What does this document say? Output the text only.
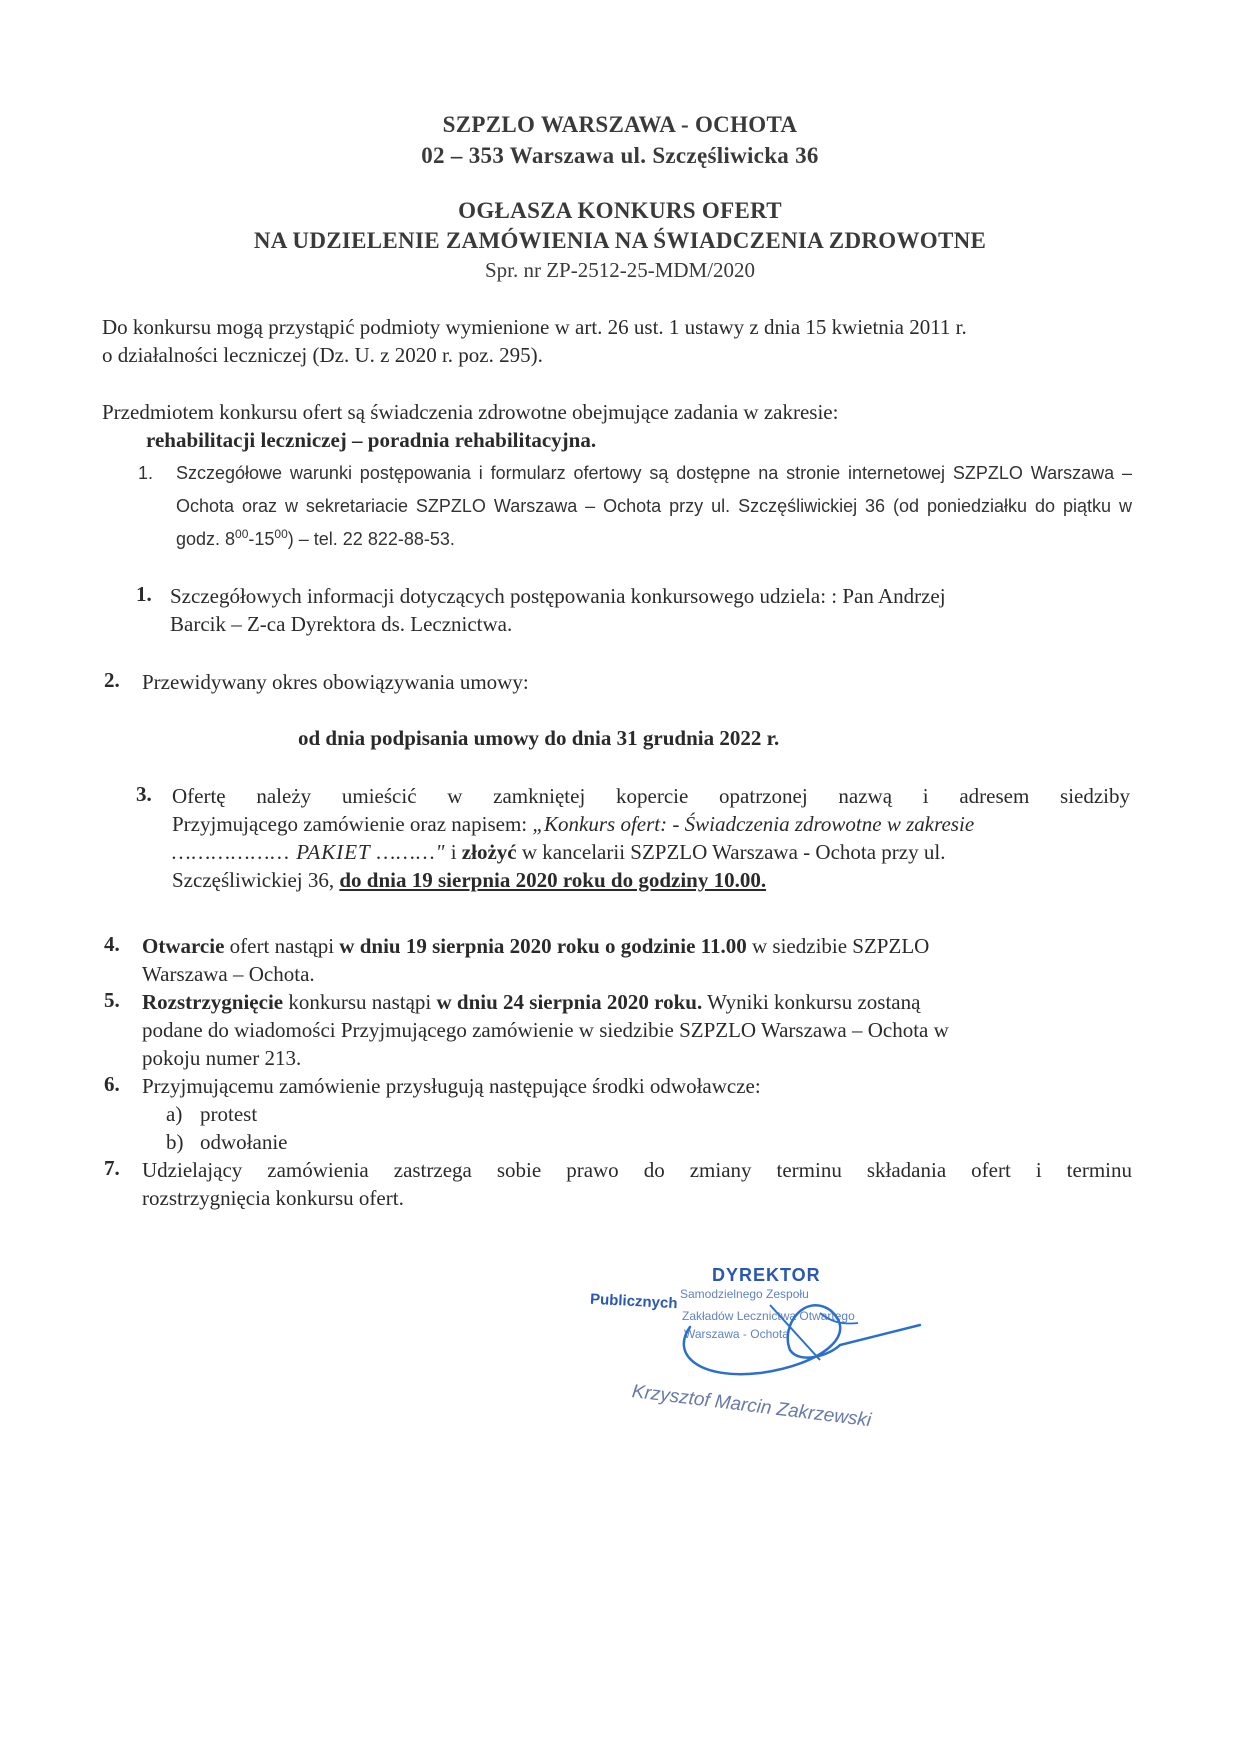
SZPZLO WARSZAWA - OCHOTA
02 – 353 Warszawa ul. Szczęśliwicka 36
OGŁASZA KONKURS OFERT
NA UDZIELENIE ZAMÓWIENIA NA ŚWIADCZENIA ZDROWOTNE
Spr. nr ZP-2512-25-MDM/2020
Do konkursu mogą przystąpić podmioty wymienione w art. 26 ust. 1 ustawy z dnia 15 kwietnia 2011 r.
o działalności leczniczej (Dz. U. z 2020 r. poz. 295).
Przedmiotem konkursu ofert są świadczenia zdrowotne obejmujące zadania w zakresie:
rehabilitacji leczniczej – poradnia rehabilitacyjna.
1. Szczegółowe warunki postępowania i formularz ofertowy są dostępne na stronie internetowej SZPZLO Warszawa – Ochota oraz w sekretariacie SZPZLO Warszawa – Ochota przy ul. Szczęśliwickiej 36 (od poniedziałku do piątku w godz. $8^{00}-15^{00}$) – tel. 22 822-88-53.
1. Szczegółowych informacji dotyczących postępowania konkursowego udziela: : Pan Andrzej
Barcik – Z-ca Dyrektora ds. Lecznictwa.
2. Przewidywany okres obowiązywania umowy:
od dnia podpisania umowy do dnia 31 grudnia 2022 r.
3. Ofertę należy umieścić w zamkniętej kopercie opatrzonej nazwą i adresem siedziby
Przyjmującego zamówienie oraz napisem: „Konkurs ofert: - Świadczenia zdrowotne w zakresie
……………… PAKIET ………" i złożyć w kancelarii SZPZLO Warszawa - Ochota przy ul.
Szczęśliwickiej 36, do dnia 19 sierpnia 2020 roku do godziny 10.00.
4. Otwarcie ofert nastąpi w dniu 19 sierpnia 2020 roku o godzinie 11.00 w siedzibie SZPZLO
Warszawa – Ochota.
5. Rozstrzygnięcie konkursu nastąpi w dniu 24 sierpnia 2020 roku. Wyniki konkursu zostaną
podane do wiadomości Przyjmującego zamówienie w siedzibie SZPZLO Warszawa – Ochota w
pokoju numer 213.
6. Przyjmującemu zamówienie przysługują następujące środki odwoławcze:
a) protest
b) odwołanie
7. Udzielający zamówienia zastrzega sobie prawo do zmiany terminu składania ofert i terminu
rozstrzygnięcia konkursu ofert.
DYREKTOR
Publicznych Samodzielnego Zespołu
Zakładów Lecznictwa Otwartego
Warszawa - Ochota
Krzysztof Marcin Zakrzewski
